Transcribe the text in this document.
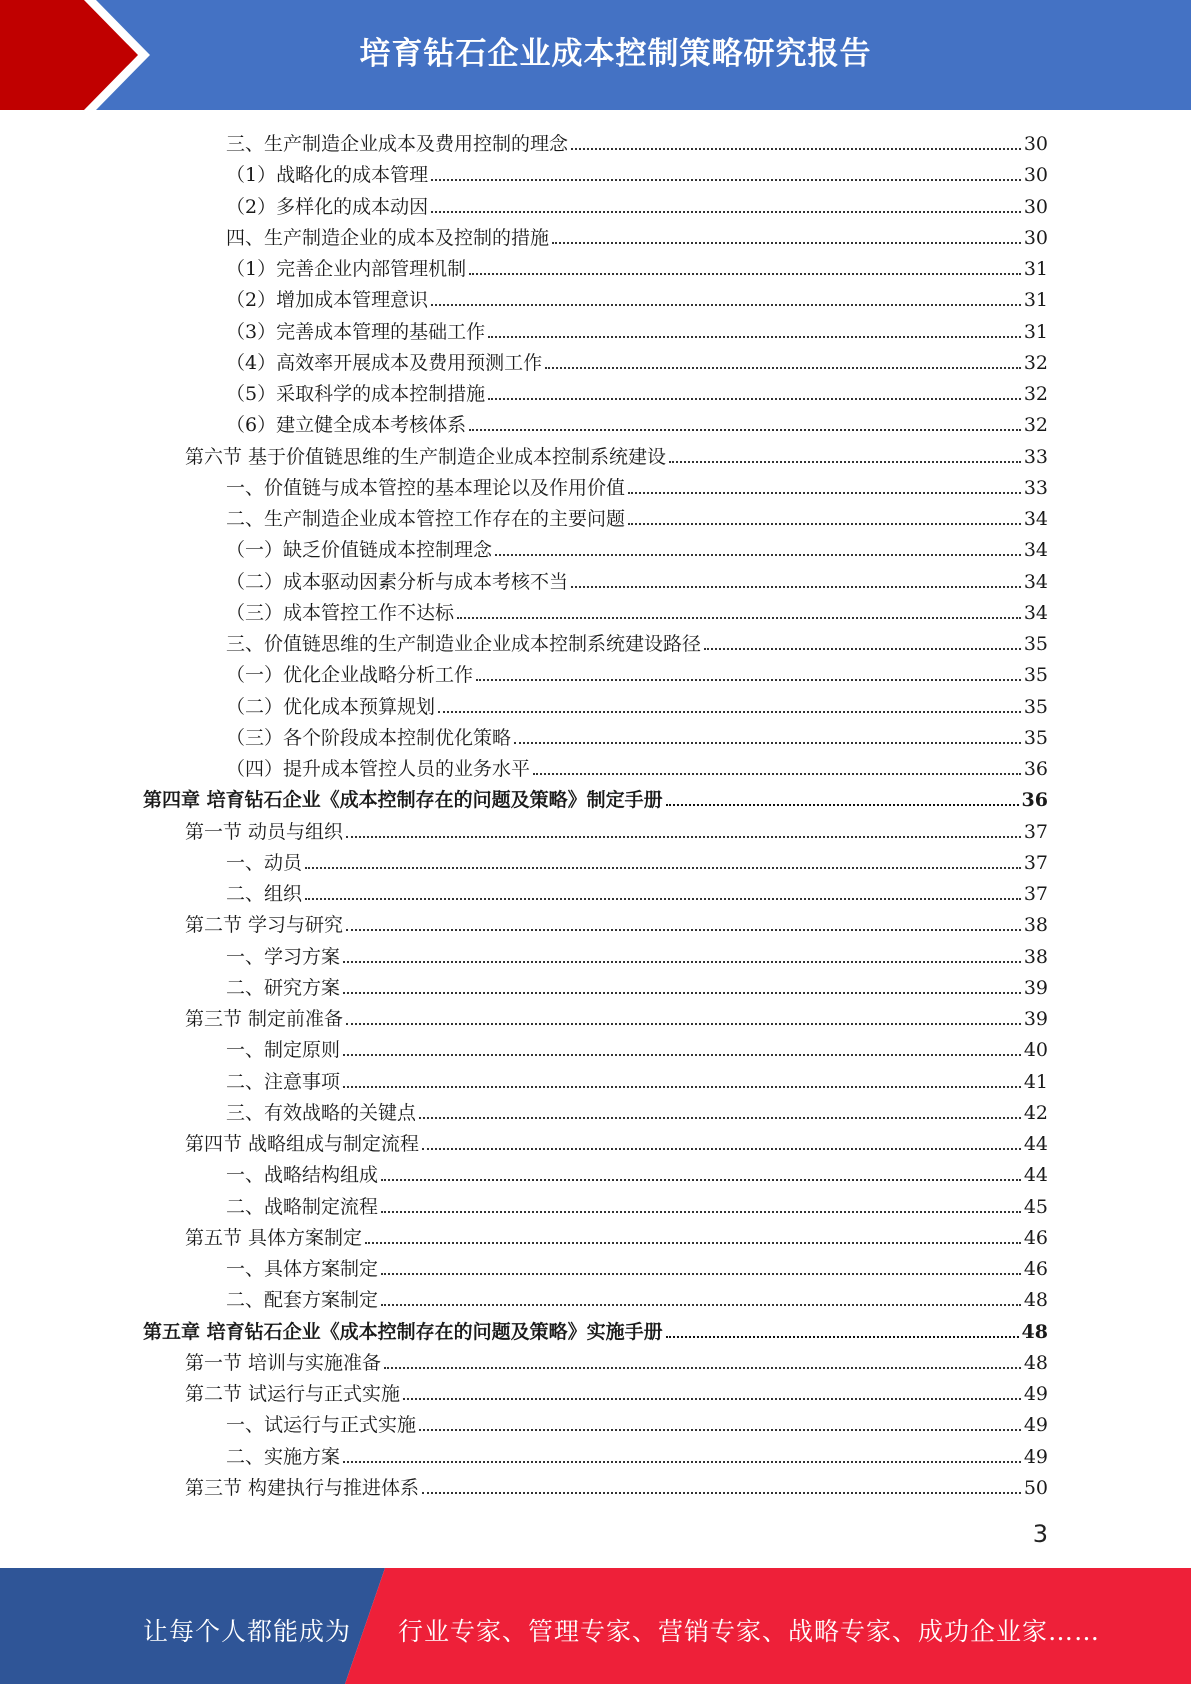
培育钻石企业成本控制策略研究报告
三、生产制造企业成本及费用控制的理念	30
（1）战略化的成本管理	30
（2）多样化的成本动因	30
四、生产制造企业的成本及控制的措施	30
（1）完善企业内部管理机制	31
（2）增加成本管理意识	31
（3）完善成本管理的基础工作	31
（4）高效率开展成本及费用预测工作	32
（5）采取科学的成本控制措施	32
（6）建立健全成本考核体系	32
第六节 基于价值链思维的生产制造企业成本控制系统建设	33
一、价值链与成本管控的基本理论以及作用价值	33
二、生产制造企业成本管控工作存在的主要问题	34
（一）缺乏价值链成本控制理念	34
（二）成本驱动因素分析与成本考核不当	34
（三）成本管控工作不达标	34
三、价值链思维的生产制造业企业成本控制系统建设路径	35
（一）优化企业战略分析工作	35
（二）优化成本预算规划	35
（三）各个阶段成本控制优化策略	35
（四）提升成本管控人员的业务水平	36
第四章 培育钻石企业《成本控制存在的问题及策略》制定手册	36
第一节 动员与组织	37
一、动员	37
二、组织	37
第二节 学习与研究	38
一、学习方案	38
二、研究方案	39
第三节 制定前准备	39
一、制定原则	40
二、注意事项	41
三、有效战略的关键点	42
第四节 战略组成与制定流程	44
一、战略结构组成	44
二、战略制定流程	45
第五节 具体方案制定	46
一、具体方案制定	46
二、配套方案制定	48
第五章 培育钻石企业《成本控制存在的问题及策略》实施手册	48
第一节 培训与实施准备	48
第二节 试运行与正式实施	49
一、试运行与正式实施	49
二、实施方案	49
第三节 构建执行与推进体系	50
3
让每个人都能成为 行业专家、管理专家、营销专家、战略专家、成功企业家……
